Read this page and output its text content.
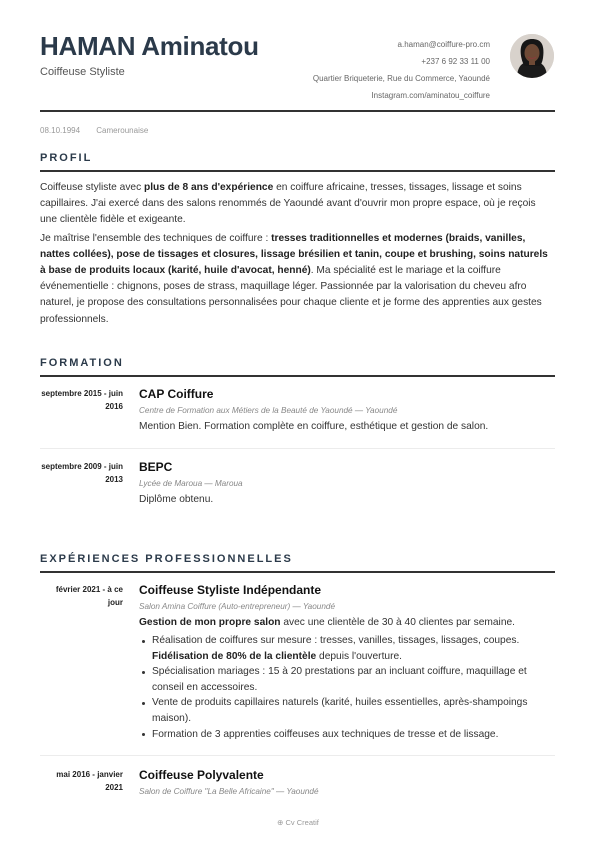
HAMAN Aminatou
Coiffeuse Styliste
a.haman@coiffure-pro.cm
+237 6 92 33 11 00
Quartier Briqueterie, Rue du Commerce, Yaoundé
Instagram.com/aminatou_coiffure
08.10.1994 Camerounaise
PROFIL

Coiffeuse styliste avec plus de 8 ans d'expérience en coiffure africaine, tresses, tissages, lissage et soins capillaires. J'ai exercé dans des salons renommés de Yaoundé avant d'ouvrir mon propre espace, où je reçois une clientèle fidèle et exigeante.

Je maîtrise l'ensemble des techniques de coiffure : tresses traditionnelles et modernes (braids, vanilles, nattes collées), pose de tissages et closures, lissage brésilien et tanin, coupe et brushing, soins naturels à base de produits locaux (karité, huile d'avocat, henné). Ma spécialité est le mariage et la coiffure événementielle : chignons, poses de strass, maquillage léger. Passionnée par la valorisation du cheveu afro naturel, je propose des consultations personnalisées pour chaque cliente et je forme des apprenties aux gestes professionnels.

FORMATION
septembre 2015 - juin 2016
CAP Coiffure
Centre de Formation aux Métiers de la Beauté de Yaoundé — Yaoundé
Mention Bien. Formation complète en coiffure, esthétique et gestion de salon.
septembre 2009 - juin 2013
BEPC
Lycée de Maroua — Maroua
Diplôme obtenu.
EXPÉRIENCES PROFESSIONNELLES
février 2021 - à ce jour
Coiffeuse Styliste Indépendante
Salon Amina Coiffure (Auto-entrepreneur) — Yaoundé
Gestion de mon propre salon avec une clientèle de 30 à 40 clientes par semaine.
Réalisation de coiffures sur mesure : tresses, vanilles, tissages, lissages, coupes. Fidélisation de 80% de la clientèle depuis l'ouverture.
Spécialisation mariages : 15 à 20 prestations par an incluant coiffure, maquillage et conseil en accessoires.
Vente de produits capillaires naturels (karité, huiles essentielles, après-shampoings maison).
Formation de 3 apprenties coiffeuses aux techniques de tresse et de lissage.
mai 2016 - janvier 2021
Coiffeuse Polyvalente
Salon de Coiffure "La Belle Africaine" — Yaoundé
⊕ Cv Creatif
